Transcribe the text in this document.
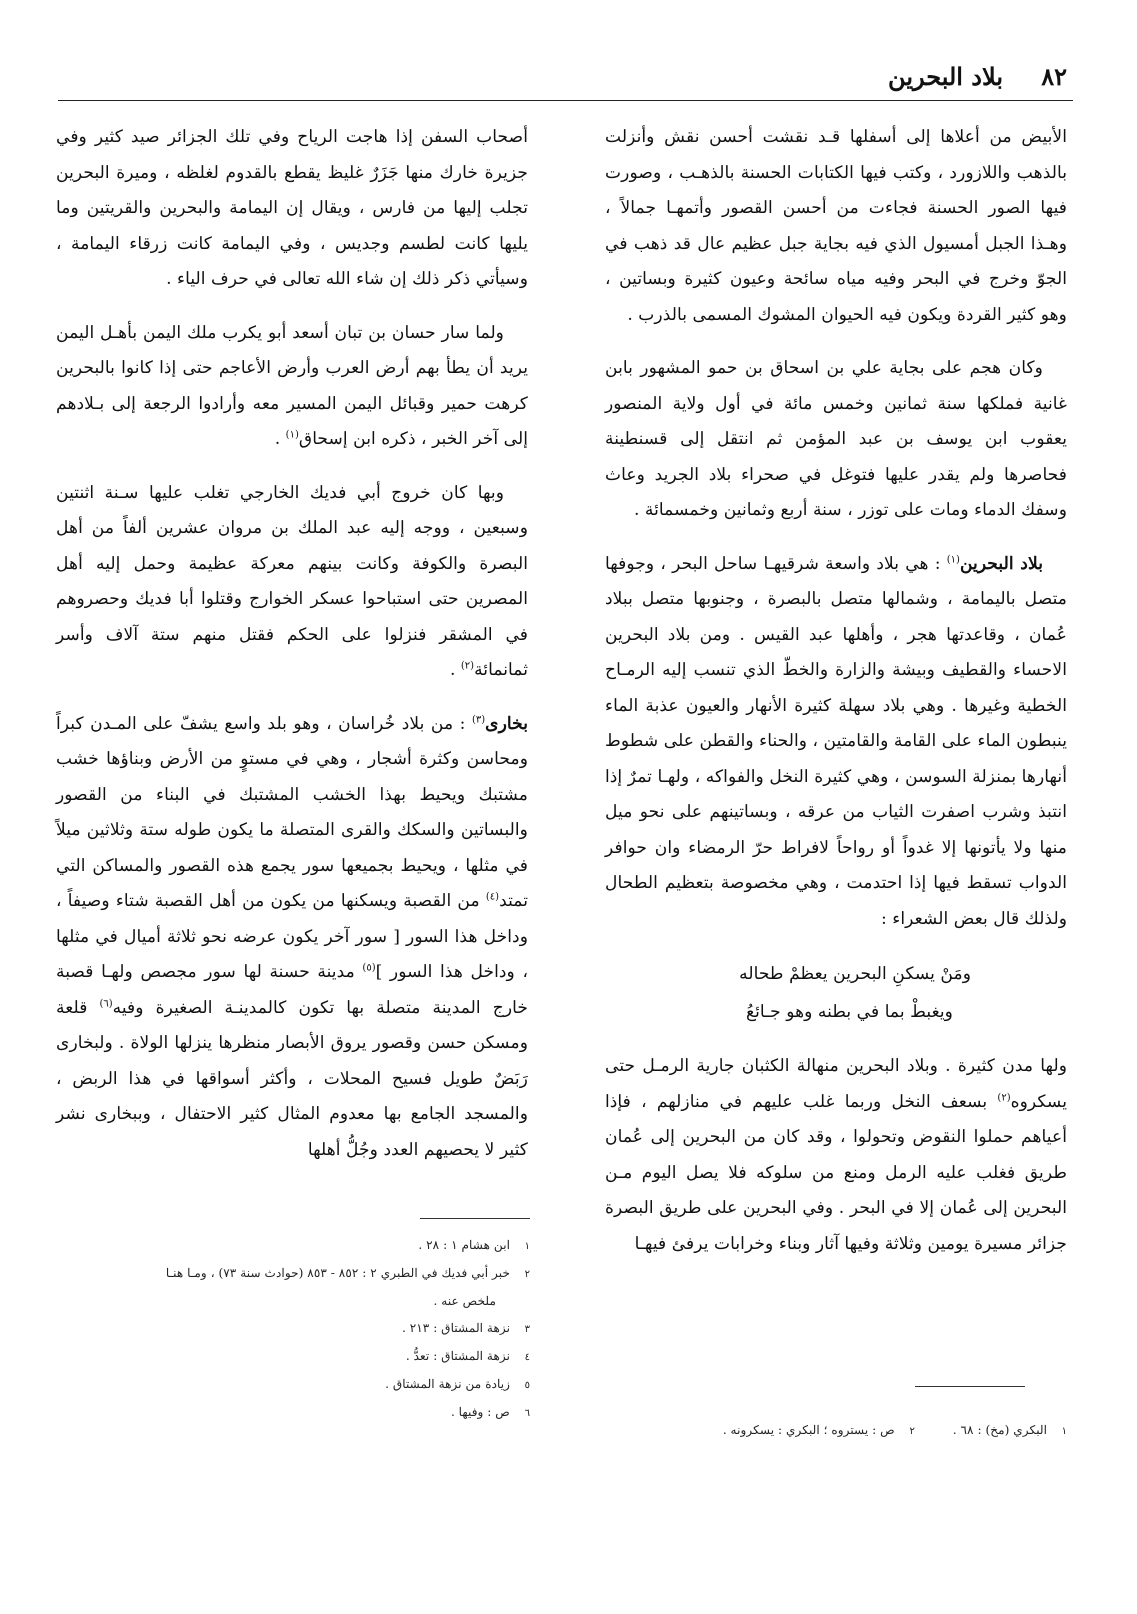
٨٢
بلاد البحرين

الأبيض من أعلاها إلى أسفلها قـد نقشت أحسن نقش وأنزلت بالذهب واللازورد ، وكتب فيها الكتابات الحسنة بالذهـب ، وصورت فيها الصور الحسنة فجاءت من أحسن القصور وأتمهـا جمالاً ، وهـذا الجبل أمسيول الذي فيه بجاية جبل عظيم عال قد ذهب في الجوّ وخرج في البحر وفيه مياه سائحة وعيون كثيرة وبساتين ، وهو كثير القردة ويكون فيه الحيوان المشوك المسمى بالذرب .

وكان هجم على بجاية علي بن اسحاق بن حمو المشهور بابن غانية فملكها سنة ثمانين وخمس مائة في أول ولاية المنصور يعقوب ابن يوسف بن عبد المؤمن ثم انتقل إلى قسنطينة فحاصرها ولم يقدر عليها فتوغل في صحراء بلاد الجريد وعاث وسفك الدماء ومات على توزر ، سنة أربع وثمانين وخمسمائة .

بلاد البحرين$^{(١)}$ : هي بلاد واسعة شرقيهـا ساحل البحر ، وجوفها متصل باليمامة ، وشمالها متصل بالبصرة ، وجنوبها متصل ببلاد عُمان ، وقاعدتها هجر ، وأهلها عبد القيس . ومن بلاد البحرين الاحساء والقطيف وبيشة والزارة والخطّ الذي تنسب إليه الرمـاح الخطية وغيرها . وهي بلاد سهلة كثيرة الأنهار والعيون عذبة الماء ينبطون الماء على القامة والقامتين ، والحناء والقطن على شطوط أنهارها بمنزلة السوسن ، وهي كثيرة النخل والفواكه ، ولهـا تمرٌ إذا انتبذ وشرب اصفرت الثياب من عرقه ، وبساتينهم على نحو ميل منها ولا يأتونها إلا غدواً أو رواحاً لافراط حرّ الرمضاء وان حوافر الدواب تسقط فيها إذا احتدمت ، وهي مخصوصة بتعظيم الطحال ولذلك قال بعض الشعراء :

ومَنْ يسكنِ البحرين يعظمْ طحاله
ويغبطْ بما في بطنه وهو جـائعُ

ولها مدن كثيرة . وبلاد البحرين منهالة الكثبان جارية الرمـل حتى يسكروه$^{(٢)}$ بسعف النخل وربما غلب عليهم في منازلهم ، فإذا أعياهم حملوا النقوض وتحولوا ، وقد كان من البحرين إلى عُمان طريق فغلب عليه الرمل ومنع من سلوكه فلا يصل اليوم مـن البحرين إلى عُمان إلا في البحر . وفي البحرين على طريق البصرة جزائر مسيرة يومين وثلاثة وفيها آثار وبناء وخرابات يرفئ فيهـا

أصحاب السفن إذا هاجت الرياح وفي تلك الجزائر صيد كثير وفي جزيرة خارك منها جَزَرٌ غليظ يقطع بالقدوم لغلظه ، وميرة البحرين تجلب إليها من فارس ، ويقال إن اليمامة والبحرين والقريتين وما يليها كانت لطسم وجديس ، وفي اليمامة كانت زرقاء اليمامة ، وسيأتي ذكر ذلك إن شاء الله تعالى في حرف الياء .

ولما سار حسان بن تبان أسعد أبو يكرب ملك اليمن بأهـل اليمن يريد أن يطأ بهم أرض العرب وأرض الأعاجم حتى إذا كانوا بالبحرين كرهت حمير وقبائل اليمن المسير معه وأرادوا الرجعة إلى بـلادهم إلى آخر الخبر ، ذكره ابن إسحاق$^{(١)}$ .

وبها كان خروج أبي فديك الخارجي تغلب عليها سـنة اثنتين وسبعين ، ووجه إليه عبد الملك بن مروان عشرين ألفاً من أهل البصرة والكوفة وكانت بينهم معركة عظيمة وحمل إليه أهل المصرين حتى استباحوا عسكر الخوارج وقتلوا أبا فديك وحصروهم في المشقر فنزلوا على الحكم فقتل منهم ستة آلاف وأسر ثمانمائة$^{(٢)}$ .

بخارى$^{(٣)}$ : من بلاد خُراسان ، وهو بلد واسع يشفّ على المـدن كبراً ومحاسن وكثرة أشجار ، وهي في مستوٍ من الأرض وبناؤها خشب مشتبك ويحيط بهذا الخشب المشتبك في البناء من القصور والبساتين والسكك والقرى المتصلة ما يكون طوله ستة وثلاثين ميلاً في مثلها ، ويحيط بجميعها سور يجمع هذه القصور والمساكن التي تمتد$^{(٤)}$ من القصبة ويسكنها من يكون من أهل القصبة شتاء وصيفاً ، وداخل هذا السور [ سور آخر يكون عرضه نحو ثلاثة أميال في مثلها ، وداخل هذا السور ]$^{(٥)}$ مدينة حسنة لها سور مجصص ولهـا قصبة خارج المدينة متصلة بها تكون كالمدينـة الصغيرة وفيه$^{(٦)}$ قلعة ومسكن حسن وقصور يروق الأبصار منظرها ينزلها الولاة . ولبخارى رَبَضٌ طويل فسيح المحلات ، وأكثر أسواقها في هذا الربض ، والمسجد الجامع بها معدوم المثال كثير الاحتفال ، وببخارى نشر كثير لا يحصيهم العدد وجُلُّ أهلها

١ابن هشام ١ : ٢٨ .
٢خبر أبي فديك في الطبري ٢ : ٨٥٢ - ٨٥٣ (حوادث سنة ٧٣) ، ومـا هنـا
ملخص عنه .
٣نزهة المشتاق : ٢١٣ .
٤نزهة المشتاق : تعدُّ .
٥زيادة من نزهة المشتاق .
٦ص : وفيها .
١البكري (مخ) : ٦٨ . ٢ص : يستروه ؛ البكري : يسكرونه .
